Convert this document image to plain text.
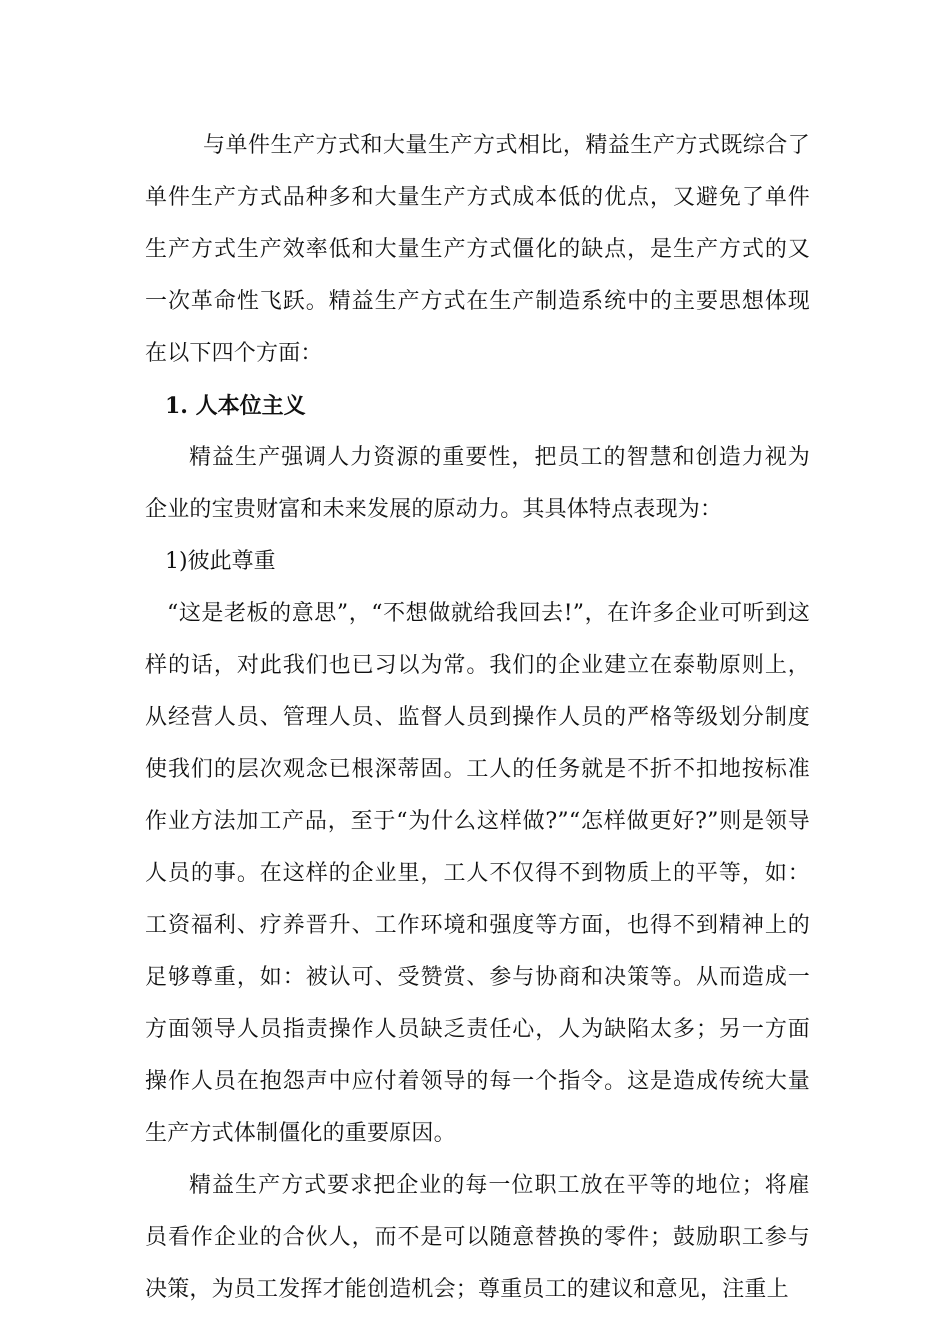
与单件生产方式和大量生产方式相比，精益生产方式既综合了单件生产方式品种多和大量生产方式成本低的优点，又避免了单件生产方式生产效率低和大量生产方式僵化的缺点，是生产方式的又一次革命性飞跃。精益生产方式在生产制造系统中的主要思想体现在以下四个方面：

1. 人本位主义

精益生产强调人力资源的重要性，把员工的智慧和创造力视为企业的宝贵财富和未来发展的原动力。其具体特点表现为：

1)彼此尊重

“这是老板的意思”，“不想做就给我回去!”，在许多企业可听到这样的话，对此我们也已习以为常。我们的企业建立在泰勒原则上，从经营人员、管理人员、监督人员到操作人员的严格等级划分制度使我们的层次观念已根深蒂固。工人的任务就是不折不扣地按标准作业方法加工产品，至于“为什么这样做?”“怎样做更好?”则是领导人员的事。在这样的企业里，工人不仅得不到物质上的平等，如：工资福利、疗养晋升、工作环境和强度等方面，也得不到精神上的足够尊重，如：被认可、受赞赏、参与协商和决策等。从而造成一方面领导人员指责操作人员缺乏责任心，人为缺陷太多；另一方面操作人员在抱怨声中应付着领导的每一个指令。这是造成传统大量生产方式体制僵化的重要原因。

精益生产方式要求把企业的每一位职工放在平等的地位；将雇员看作企业的合伙人，而不是可以随意替换的零件；鼓励职工参与决策，为员工发挥才能创造机会；尊重员工的建议和意见，注重上
